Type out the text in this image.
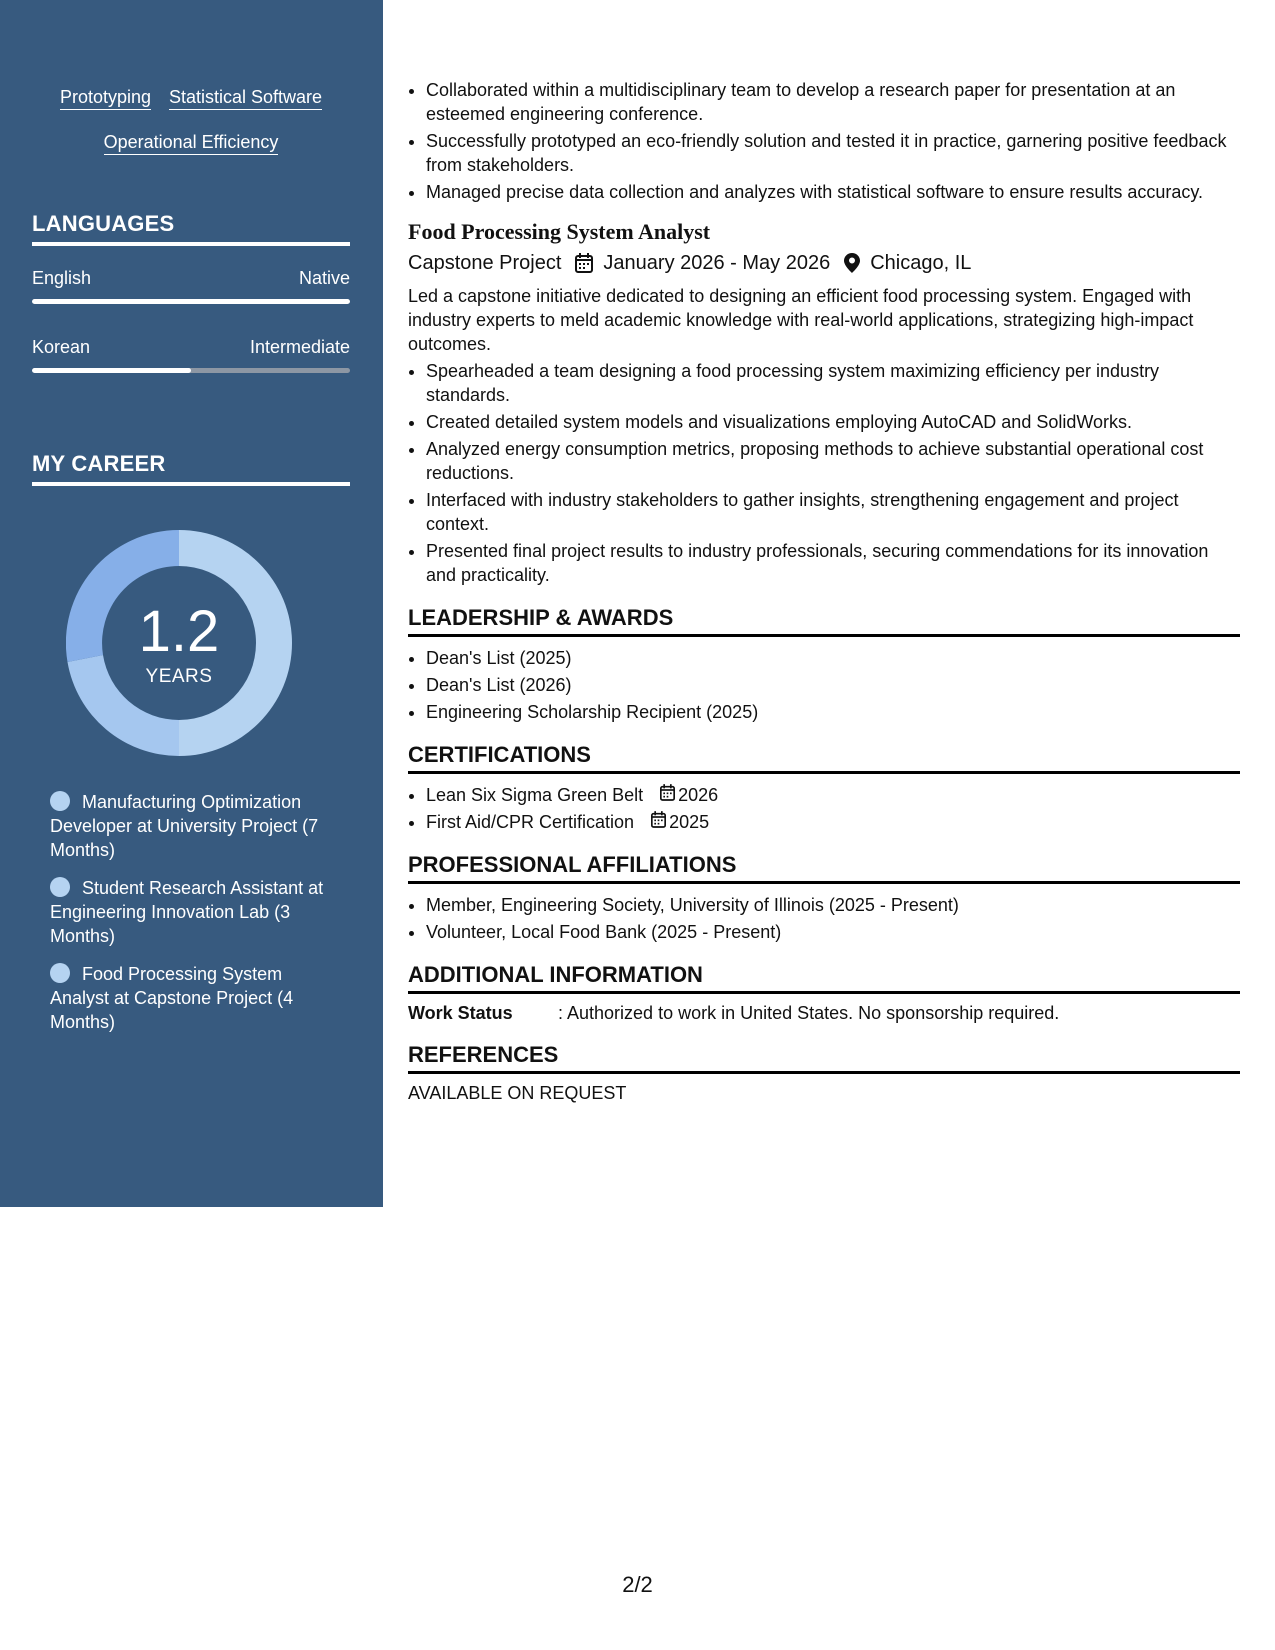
Prototyping Statistical Software
Operational Efficiency
LANGUAGES
English	Native
Korean	Intermediate
MY CAREER
1.2
YEARS
Manufacturing Optimization Developer at University Project (7 Months)
Student Research Assistant at Engineering Innovation Lab (3 Months)
Food Processing System Analyst at Capstone Project (4 Months)
• Collaborated within a multidisciplinary team to develop a research paper for presentation at an esteemed engineering conference.
• Successfully prototyped an eco-friendly solution and tested it in practice, garnering positive feedback from stakeholders.
• Managed precise data collection and analyzes with statistical software to ensure results accuracy.
Food Processing System Analyst
Capstone Project January 2026 - May 2026 Chicago, IL
Led a capstone initiative dedicated to designing an efficient food processing system. Engaged with industry experts to meld academic knowledge with real-world applications, strategizing high-impact outcomes.
• Spearheaded a team designing a food processing system maximizing efficiency per industry standards.
• Created detailed system models and visualizations employing AutoCAD and SolidWorks.
• Analyzed energy consumption metrics, proposing methods to achieve substantial operational cost reductions.
• Interfaced with industry stakeholders to gather insights, strengthening engagement and project context.
• Presented final project results to industry professionals, securing commendations for its innovation and practicality.
LEADERSHIP & AWARDS
• Dean's List (2025)
• Dean's List (2026)
• Engineering Scholarship Recipient (2025)
CERTIFICATIONS
• Lean Six Sigma Green Belt 2026
• First Aid/CPR Certification 2025
PROFESSIONAL AFFILIATIONS
• Member, Engineering Society, University of Illinois (2025 - Present)
• Volunteer, Local Food Bank (2025 - Present)
ADDITIONAL INFORMATION
Work Status	: Authorized to work in United States. No sponsorship required.
REFERENCES
AVAILABLE ON REQUEST
2/2
